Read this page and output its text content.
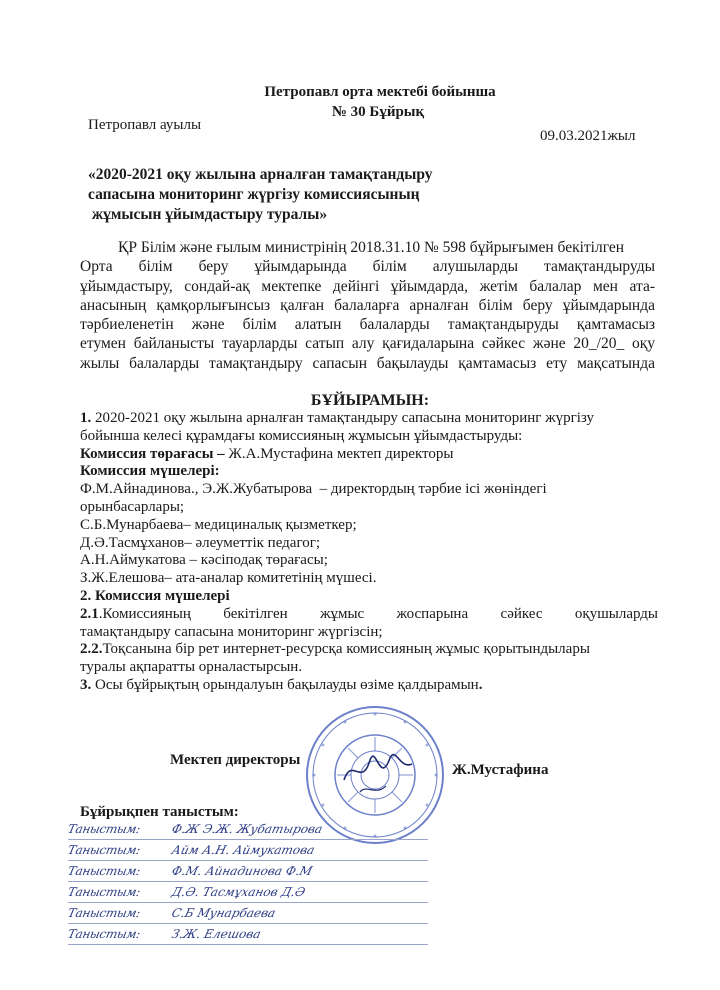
Петропавл орта мектебі бойынша
№ 30 Бұйрық
Петропавл ауылы
09.03.2021жыл
«2020-2021 оқу жылына арналған тамақтандыру
сапасына мониторинг жүргізу комиссиясының
жұмысын ұйымдастыру туралы»
ҚР Білім және ғылым министрінің 2018.31.10 № 598 бұйрығымен бекітілген
Орта білім беру ұйымдарында білім алушыларды тамақтандыруды
ұйымдастыру, сондай-ақ мектепке дейінгі ұйымдарда, жетім балалар мен ата-
анасының қамқорлығынсыз қалған балаларға арналған білім беру ұйымдарында
тәрбиеленетін және білім алатын балаларды тамақтандыруды қамтамасыз
етумен байланысты тауарларды сатып алу қағидаларына сәйкес және 20_/20_ оқу
жылы балаларды тамақтандыру сапасын бақылауды қамтамасыз ету мақсатында
БҰЙЫРАМЫН:
1. 2020-2021 оқу жылына арналған тамақтандыру сапасына мониторинг жүргізу
бойынша келесі құрамдағы комиссияның жұмысын ұйымдастыруды:
Комиссия төрағасы – Ж.А.Мустафина мектеп директоры
Комиссия мүшелері:
Ф.М.Айнадинова., Э.Ж.Жубатырова  – директордың тәрбие ісі жөніндегі
орынбасарлары;
С.Б.Мунарбаева– медициналық қызметкер;
Д.Ә.Тасмұханов– әлеуметтік педагог;
А.Н.Аймукатова – кәсіподақ төрағасы;
З.Ж.Елешова– ата-аналар комитетінің мүшесі.
2. Комиссия мүшелері
2.1.Комиссияның бекітілген жұмыс жоспарына сәйкес оқушыларды
тамақтандыру сапасына мониторинг жүргізсін;
2.2.Тоқсанына бір рет интернет-ресурсқа комиссияның жұмыс қорытындылары
туралы ақпаратты орналастырсын.
3. Осы бұйрықтың орындалуын бақылауды өзіме қалдырамын.
Мектеп директоры
Ж.Мустафина
Бұйрықпен таныстым:
Таныстым: Ф.Ж Э.Ж. Жубатырова
Таныстым: Айм А.Н. Аймукатова
Таныстым: Ф.М. Айнадинова Ф.М
Таныстым: Д.Ә. Тасмұханов Д.Ә
Таныстым: С.Б Мунарбаева
Таныстым: З.Ж. Елешова
